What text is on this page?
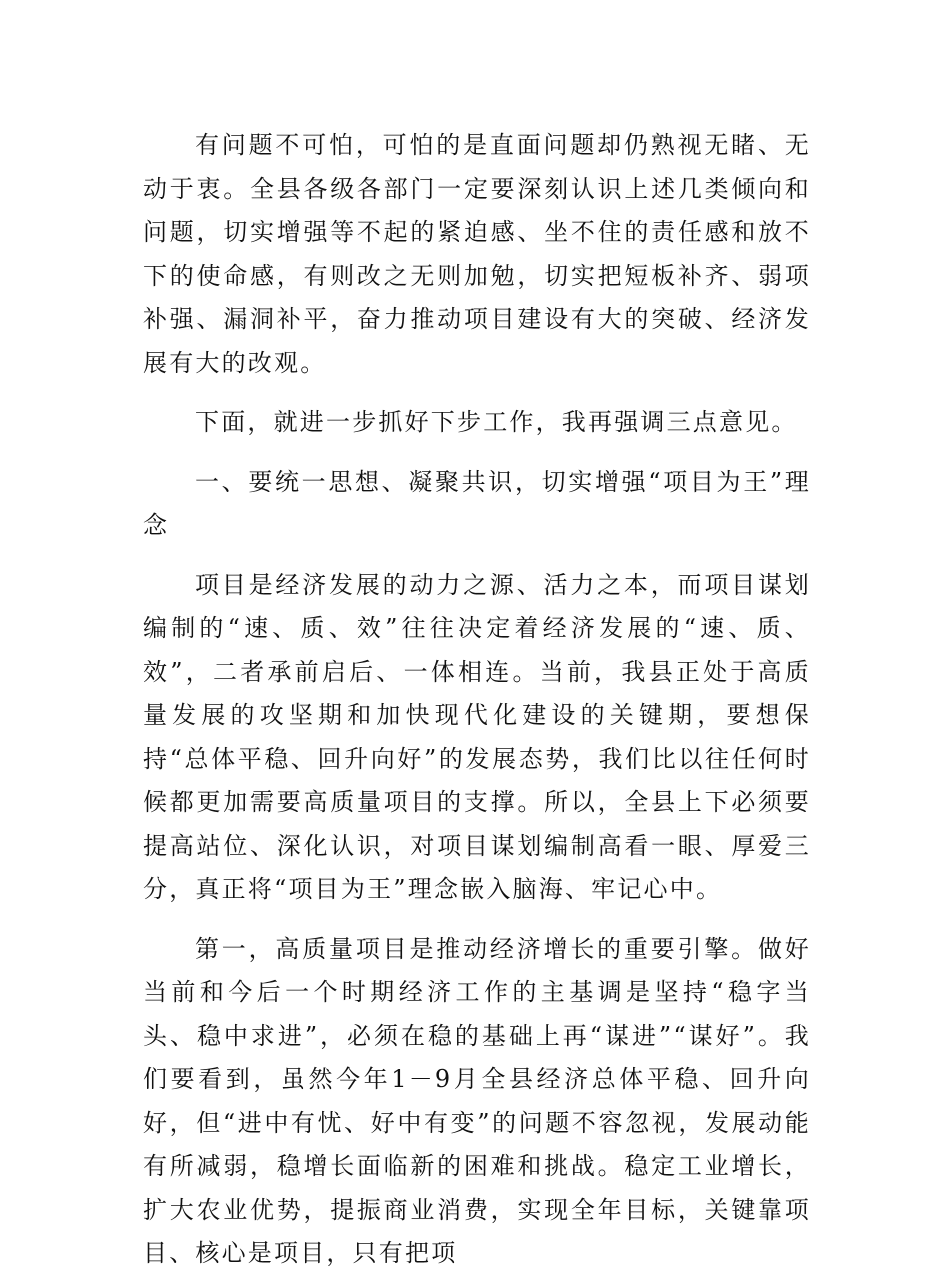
有问题不可怕，可怕的是直面问题却仍熟视无睹、无动于衷。全县各级各部门一定要深刻认识上述几类倾向和问题，切实增强等不起的紧迫感、坐不住的责任感和放不下的使命感，有则改之无则加勉，切实把短板补齐、弱项补强、漏洞补平，奋力推动项目建设有大的突破、经济发展有大的改观。

下面，就进一步抓好下步工作，我再强调三点意见。

一、要统一思想、凝聚共识，切实增强“项目为王”理念

项目是经济发展的动力之源、活力之本，而项目谋划编制的“速、质、效”往往决定着经济发展的“速、质、效”，二者承前启后、一体相连。当前，我县正处于高质量发展的攻坚期和加快现代化建设的关键期，要想保持“总体平稳、回升向好”的发展态势，我们比以往任何时候都更加需要高质量项目的支撑。所以，全县上下必须要提高站位、深化认识，对项目谋划编制高看一眼、厚爱三分，真正将“项目为王”理念嵌入脑海、牢记心中。

第一，高质量项目是推动经济增长的重要引擎。做好当前和今后一个时期经济工作的主基调是坚持“稳字当头、稳中求进”，必须在稳的基础上再“谋进”“谋好”。我们要看到，虽然今年1－9月全县经济总体平稳、回升向好，但“进中有忧、好中有变”的问题不容忽视，发展动能有所减弱，稳增长面临新的困难和挑战。稳定工业增长，扩大农业优势，提振商业消费，实现全年目标，关键靠项目、核心是项目，只有把项
